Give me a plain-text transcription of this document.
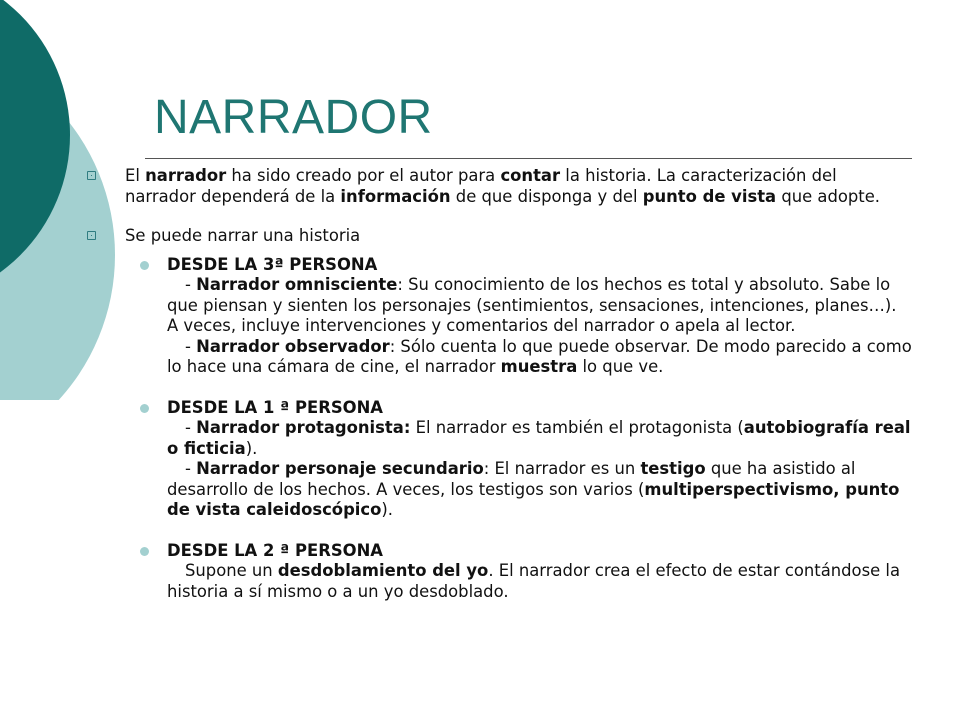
NARRADOR

El narrador ha sido creado por el autor para contar la historia. La caracterización del narrador dependerá de la información de que disponga y del punto de vista que adopte.

Se puede narrar una historia

DESDE LA 3ª PERSONA
- Narrador omnisciente: Su conocimiento de los hechos es total y absoluto. Sabe lo que piensan y sienten los personajes (sentimientos, sensaciones, intenciones, planes…). A veces, incluye intervenciones y comentarios del narrador o apela al lector.
- Narrador observador: Sólo cuenta lo que puede observar. De modo parecido a como lo hace una cámara de cine, el narrador muestra lo que ve.
DESDE LA 1 ª PERSONA
- Narrador protagonista: El narrador es también el protagonista (autobiografía real o ficticia).
- Narrador personaje secundario: El narrador es un testigo que ha asistido al desarrollo de los hechos. A veces, los testigos son varios (multiperspectivismo, punto de vista caleidoscópico).
DESDE LA 2 ª PERSONA
Supone un desdoblamiento del yo. El narrador crea el efecto de estar contándose la historia a sí mismo o a un yo desdoblado.
